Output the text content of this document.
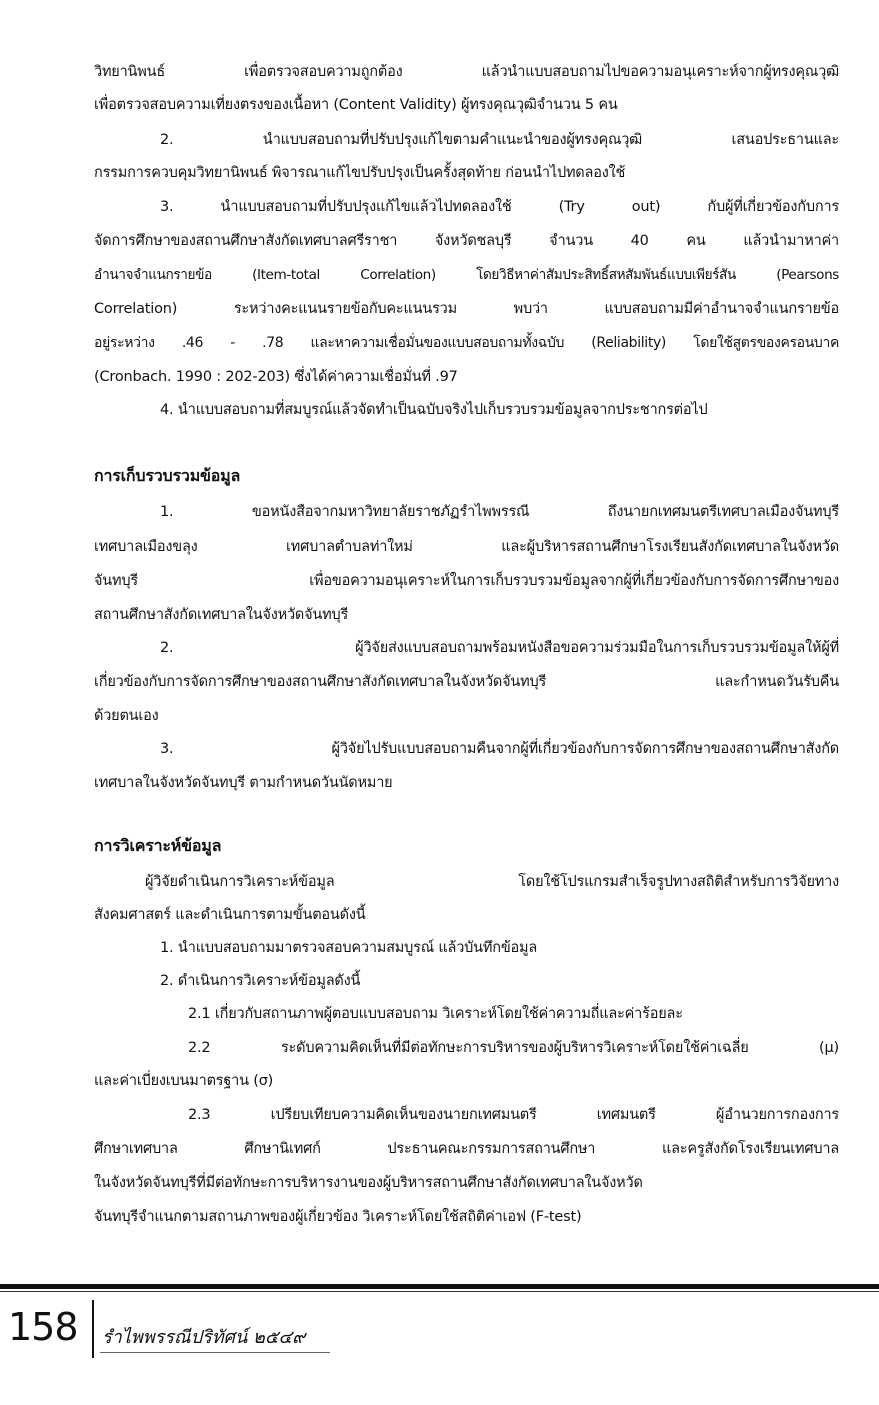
วิทยานิพนธ์ เพื่อตรวจสอบความถูกต้อง แล้วนำแบบสอบถามไปขอความอนุเคราะห์จากผู้ทรงคุณวุฒิ
เพื่อตรวจสอบความเที่ยงตรงของเนื้อหา (Content Validity) ผู้ทรงคุณวุฒิจำนวน 5 คน
2. นำแบบสอบถามที่ปรับปรุงแก้ไขตามคำแนะนำของผู้ทรงคุณวุฒิ เสนอประธานและ
กรรมการควบคุมวิทยานิพนธ์ พิจารณาแก้ไขปรับปรุงเป็นครั้งสุดท้าย ก่อนนำไปทดลองใช้
3. นำแบบสอบถามที่ปรับปรุงแก้ไขแล้วไปทดลองใช้ (Try out) กับผู้ที่เกี่ยวข้องกับการ
จัดการศึกษาของสถานศึกษาสังกัดเทศบาลศรีราชา จังหวัดชลบุรี จำนวน 40 คน แล้วนำมาหาค่า
อำนาจจำแนกรายข้อ (Item-total Correlation) โดยวิธีหาค่าสัมประสิทธิ์สหสัมพันธ์แบบเพียร์สัน (Pearsons
Correlation) ระหว่างคะแนนรายข้อกับคะแนนรวม พบว่า แบบสอบถามมีค่าอำนาจจำแนกรายข้อ
อยู่ระหว่าง .46 - .78 และหาความเชื่อมั่นของแบบสอบถามทั้งฉบับ (Reliability) โดยใช้สูตรของครอนบาค
(Cronbach. 1990 : 202-203) ซึ่งได้ค่าความเชื่อมั่นที่ .97
4. นำแบบสอบถามที่สมบูรณ์แล้วจัดทำเป็นฉบับจริงไปเก็บรวบรวมข้อมูลจากประชากรต่อไป
การเก็บรวบรวมข้อมูล
1. ขอหนังสือจากมหาวิทยาลัยราชภัฏรำไพพรรณี ถึงนายกเทศมนตรีเทศบาลเมืองจันทบุรี
เทศบาลเมืองขลุง เทศบาลตำบลท่าใหม่ และผู้บริหารสถานศึกษาโรงเรียนสังกัดเทศบาลในจังหวัด
จันทบุรี เพื่อขอความอนุเคราะห์ในการเก็บรวบรวมข้อมูลจากผู้ที่เกี่ยวข้องกับการจัดการศึกษาของ
สถานศึกษาสังกัดเทศบาลในจังหวัดจันทบุรี
2. ผู้วิจัยส่งแบบสอบถามพร้อมหนังสือขอความร่วมมือในการเก็บรวบรวมข้อมูลให้ผู้ที่
เกี่ยวข้องกับการจัดการศึกษาของสถานศึกษาสังกัดเทศบาลในจังหวัดจันทบุรี และกำหนดวันรับคืน
ด้วยตนเอง
3. ผู้วิจัยไปรับแบบสอบถามคืนจากผู้ที่เกี่ยวข้องกับการจัดการศึกษาของสถานศึกษาสังกัด
เทศบาลในจังหวัดจันทบุรี ตามกำหนดวันนัดหมาย
การวิเคราะห์ข้อมูล
ผู้วิจัยดำเนินการวิเคราะห์ข้อมูล โดยใช้โปรแกรมสำเร็จรูปทางสถิติสำหรับการวิจัยทาง
สังคมศาสตร์ และดำเนินการตามขั้นตอนดังนี้
1. นำแบบสอบถามมาตรวจสอบความสมบูรณ์ แล้วบันทึกข้อมูล
2. ดำเนินการวิเคราะห์ข้อมูลดังนี้
2.1 เกี่ยวกับสถานภาพผู้ตอบแบบสอบถาม วิเคราะห์โดยใช้ค่าความถี่และค่าร้อยละ
2.2 ระดับความคิดเห็นที่มีต่อทักษะการบริหารของผู้บริหารวิเคราะห์โดยใช้ค่าเฉลี่ย (μ)
และค่าเบี่ยงเบนมาตรฐาน (σ)
2.3 เปรียบเทียบความคิดเห็นของนายกเทศมนตรี เทศมนตรี ผู้อำนวยการกองการ
ศึกษาเทศบาล ศึกษานิเทศก์ ประธานคณะกรรมการสถานศึกษา และครูสังกัดโรงเรียนเทศบาล
ในจังหวัดจันทบุรีที่มีต่อทักษะการบริหารงานของผู้บริหารสถานศึกษาสังกัดเทศบาลในจังหวัด
จันทบุรีจำแนกตามสถานภาพของผู้เกี่ยวข้อง วิเคราะห์โดยใช้สถิติค่าเอฟ (F-test)
158 รำไพพรรณีปริทัศน์ ๒๕๔๙
